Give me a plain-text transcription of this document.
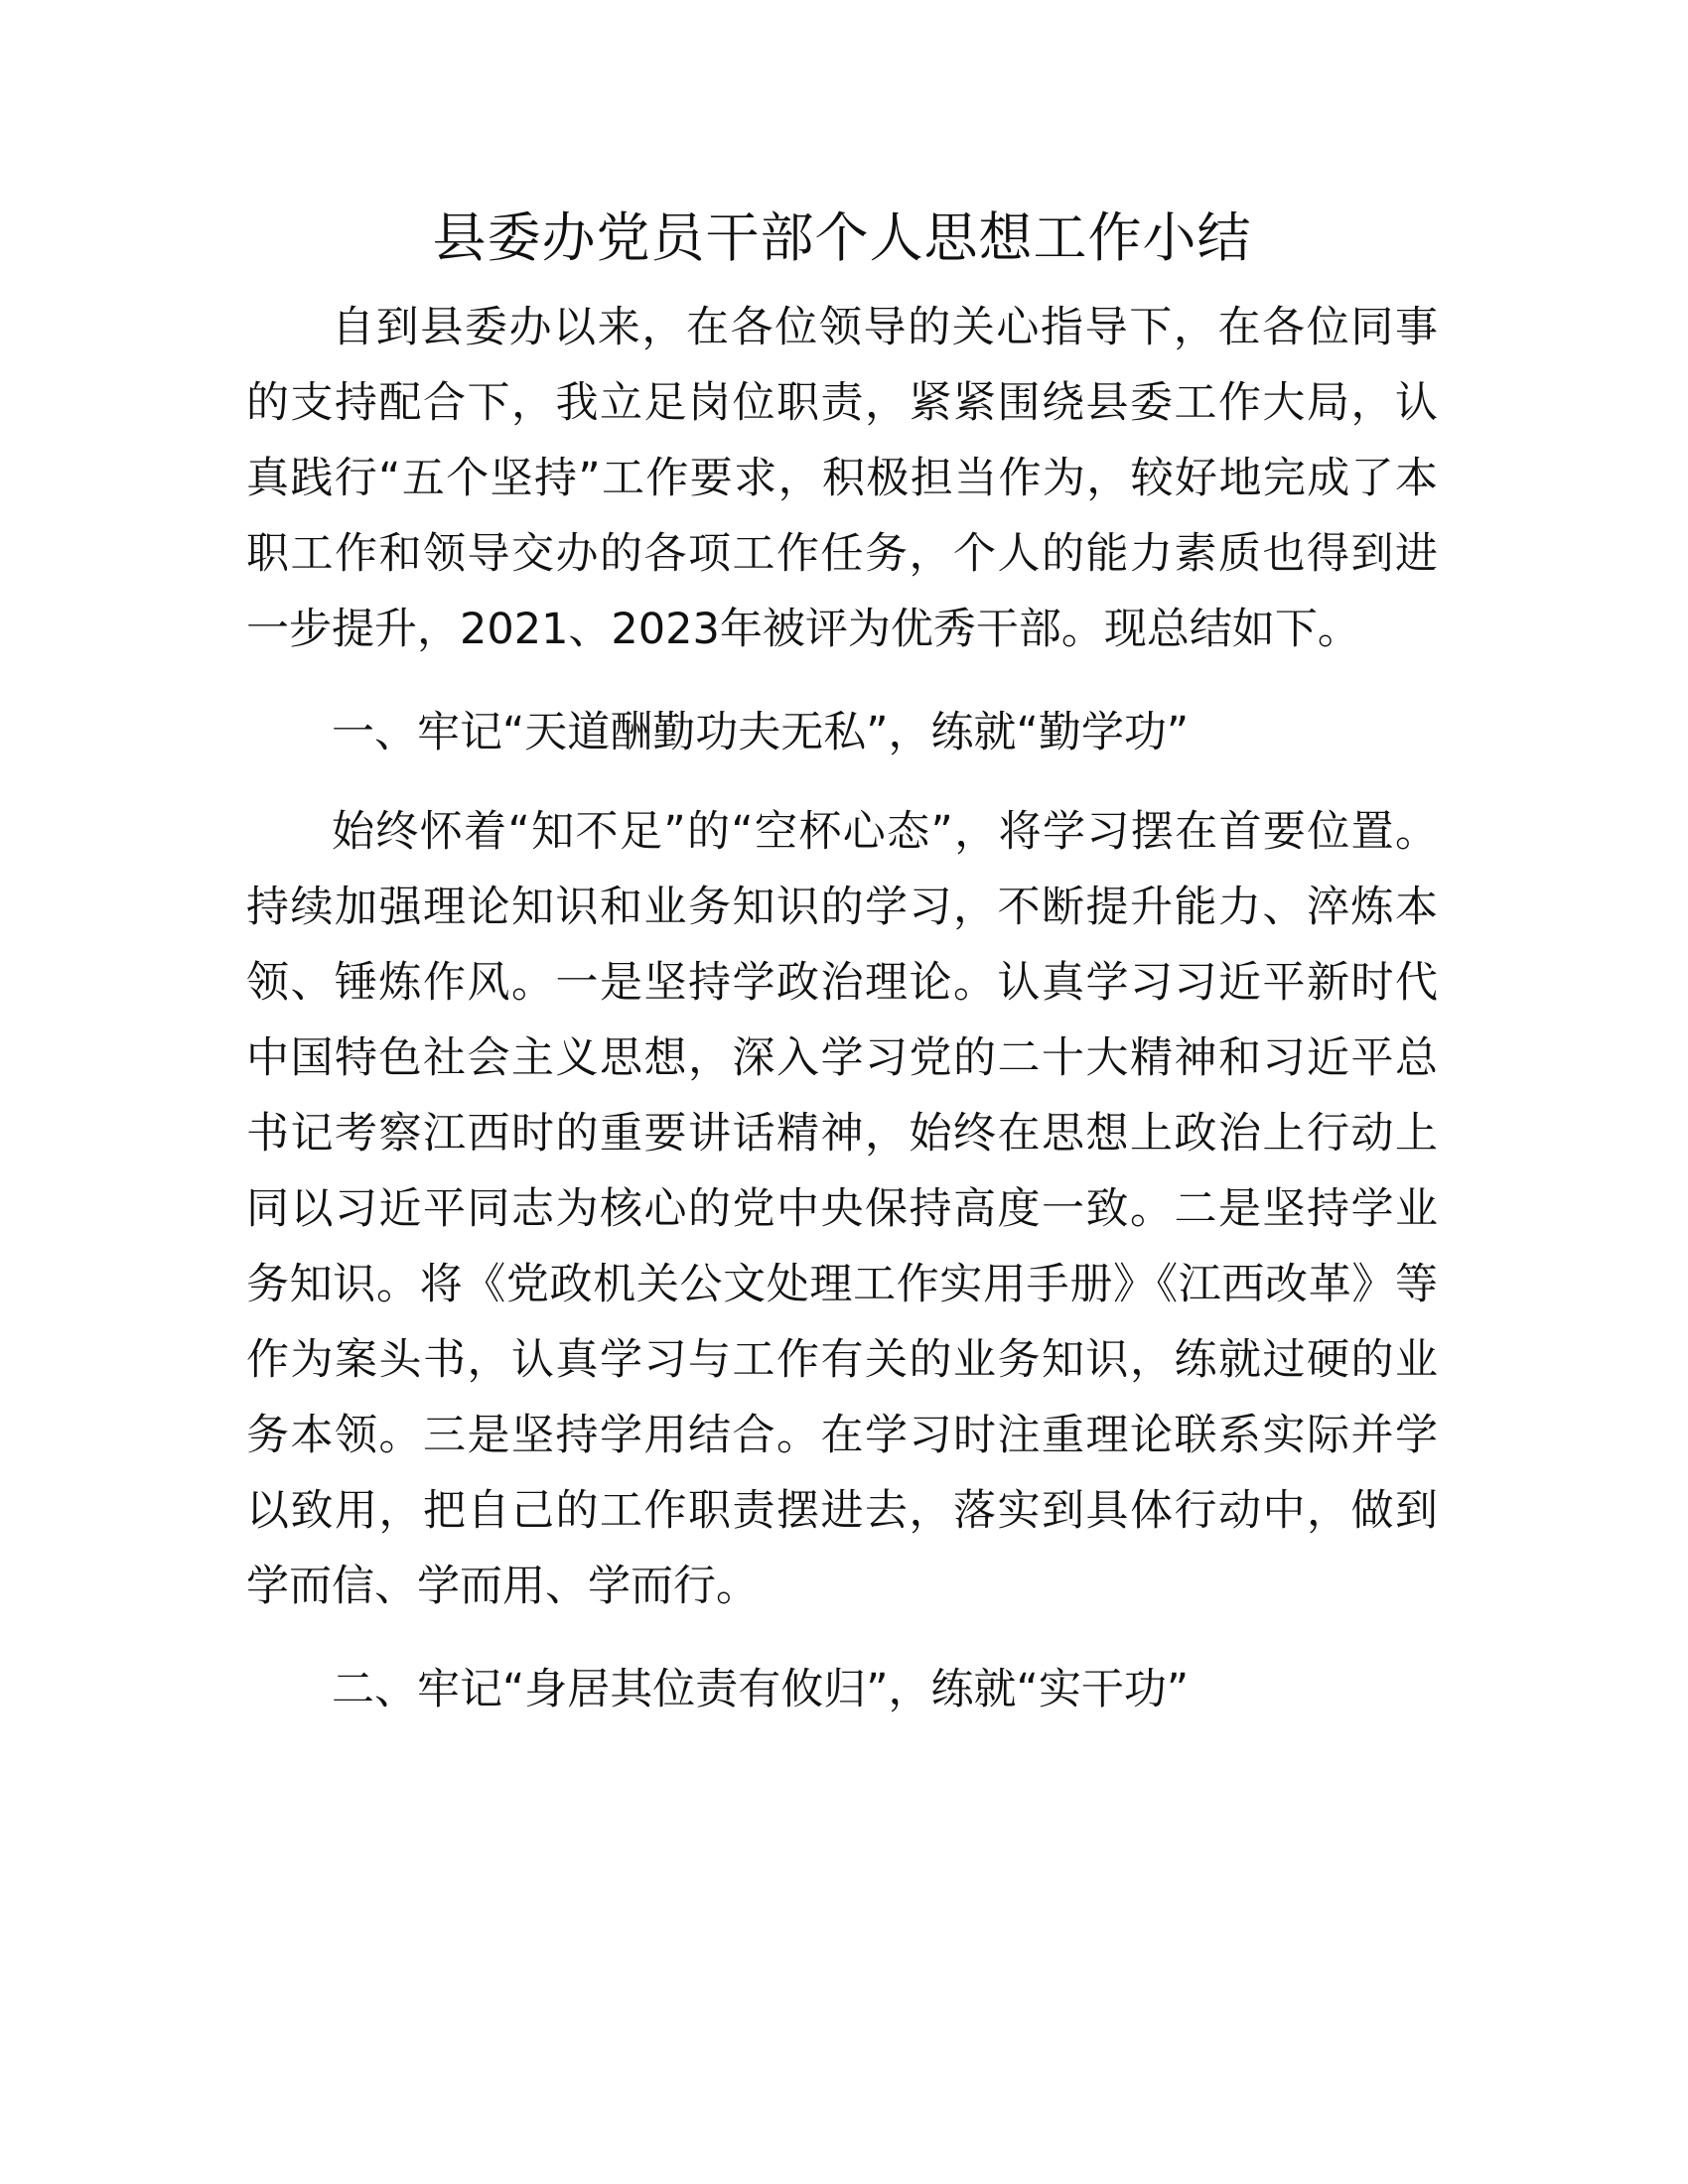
县委办党员干部个人思想工作小结

自到县委办以来，在各位领导的关心指导下，在各位同事的支持配合下，我立足岗位职责，紧紧围绕县委工作大局，认真践行“五个坚持”工作要求，积极担当作为，较好地完成了本职工作和领导交办的各项工作任务，个人的能力素质也得到进一步提升，2021、2023年被评为优秀干部。现总结如下。

一、牢记“天道酬勤功夫无私”，练就“勤学功”

始终怀着“知不足”的“空杯心态”，将学习摆在首要位置。持续加强理论知识和业务知识的学习，不断提升能力、淬炼本领、锤炼作风。一是坚持学政治理论。认真学习习近平新时代中国特色社会主义思想，深入学习党的二十大精神和习近平总书记考察江西时的重要讲话精神，始终在思想上政治上行动上同以习近平同志为核心的党中央保持高度一致。二是坚持学业务知识。将《党政机关公文处理工作实用手册》《江西改革》等作为案头书，认真学习与工作有关的业务知识，练就过硬的业务本领。三是坚持学用结合。在学习时注重理论联系实际并学以致用，把自己的工作职责摆进去，落实到具体行动中，做到学而信、学而用、学而行。

二、牢记“身居其位责有攸归”，练就“实干功”
